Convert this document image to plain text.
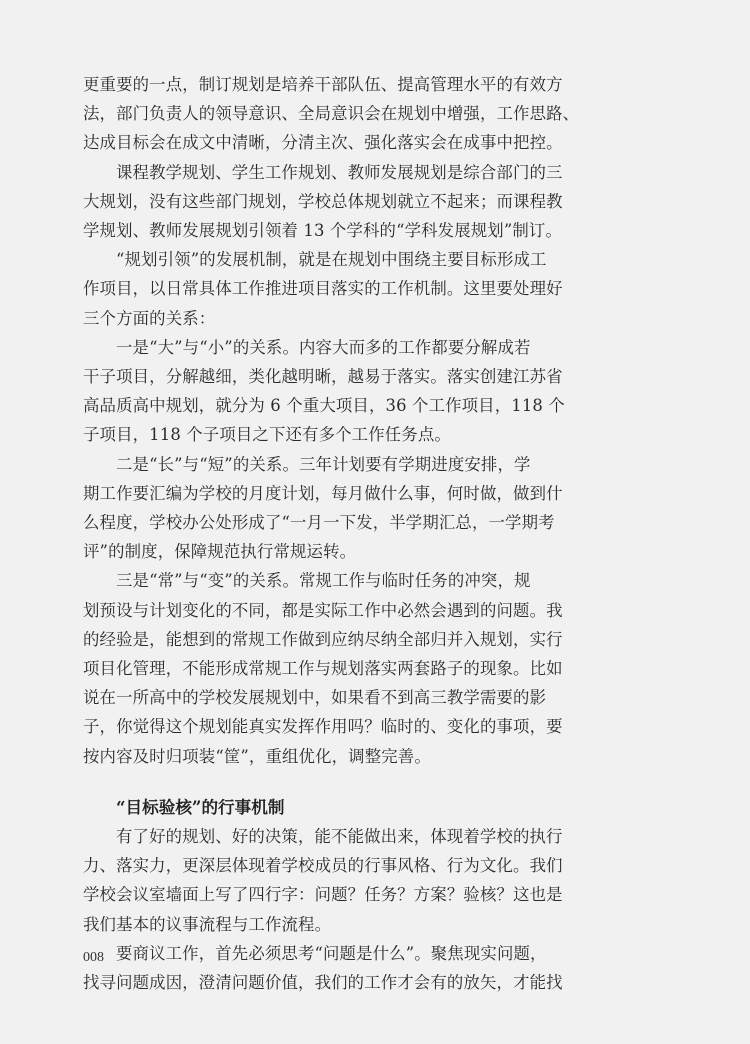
更重要的一点，制订规划是培养干部队伍、提高管理水平的有效方
法，部门负责人的领导意识、全局意识会在规划中增强，工作思路、
达成目标会在成文中清晰，分清主次、强化落实会在成事中把控。

课程教学规划、学生工作规划、教师发展规划是综合部门的三
大规划，没有这些部门规划，学校总体规划就立不起来；而课程教
学规划、教师发展规划引领着 13 个学科的“学科发展规划”制订。

“规划引领”的发展机制，就是在规划中围绕主要目标形成工
作项目，以日常具体工作推进项目落实的工作机制。这里要处理好
三个方面的关系：

一是“大”与“小”的关系。内容大而多的工作都要分解成若
干子项目，分解越细，类化越明晰，越易于落实。落实创建江苏省
高品质高中规划，就分为 6 个重大项目，36 个工作项目，118 个
子项目，118 个子项目之下还有多个工作任务点。

二是“长”与“短”的关系。三年计划要有学期进度安排，学
期工作要汇编为学校的月度计划，每月做什么事，何时做，做到什
么程度，学校办公处形成了“一月一下发，半学期汇总，一学期考
评”的制度，保障规范执行常规运转。

三是“常”与“变”的关系。常规工作与临时任务的冲突，规
划预设与计划变化的不同，都是实际工作中必然会遇到的问题。我
的经验是，能想到的常规工作做到应纳尽纳全部归并入规划，实行
项目化管理，不能形成常规工作与规划落实两套路子的现象。比如
说在一所高中的学校发展规划中，如果看不到高三教学需要的影
子，你觉得这个规划能真实发挥作用吗？临时的、变化的事项，要
按内容及时归项装“筐”，重组优化，调整完善。

“目标验核”的行事机制

有了好的规划、好的决策，能不能做出来，体现着学校的执行
力、落实力，更深层体现着学校成员的行事风格、行为文化。我们
学校会议室墙面上写了四行字：问题？任务？方案？验核？这也是
我们基本的议事流程与工作流程。

要商议工作，首先必须思考“问题是什么”。聚焦现实问题，
找寻问题成因，澄清问题价值，我们的工作才会有的放矢，才能找

008
